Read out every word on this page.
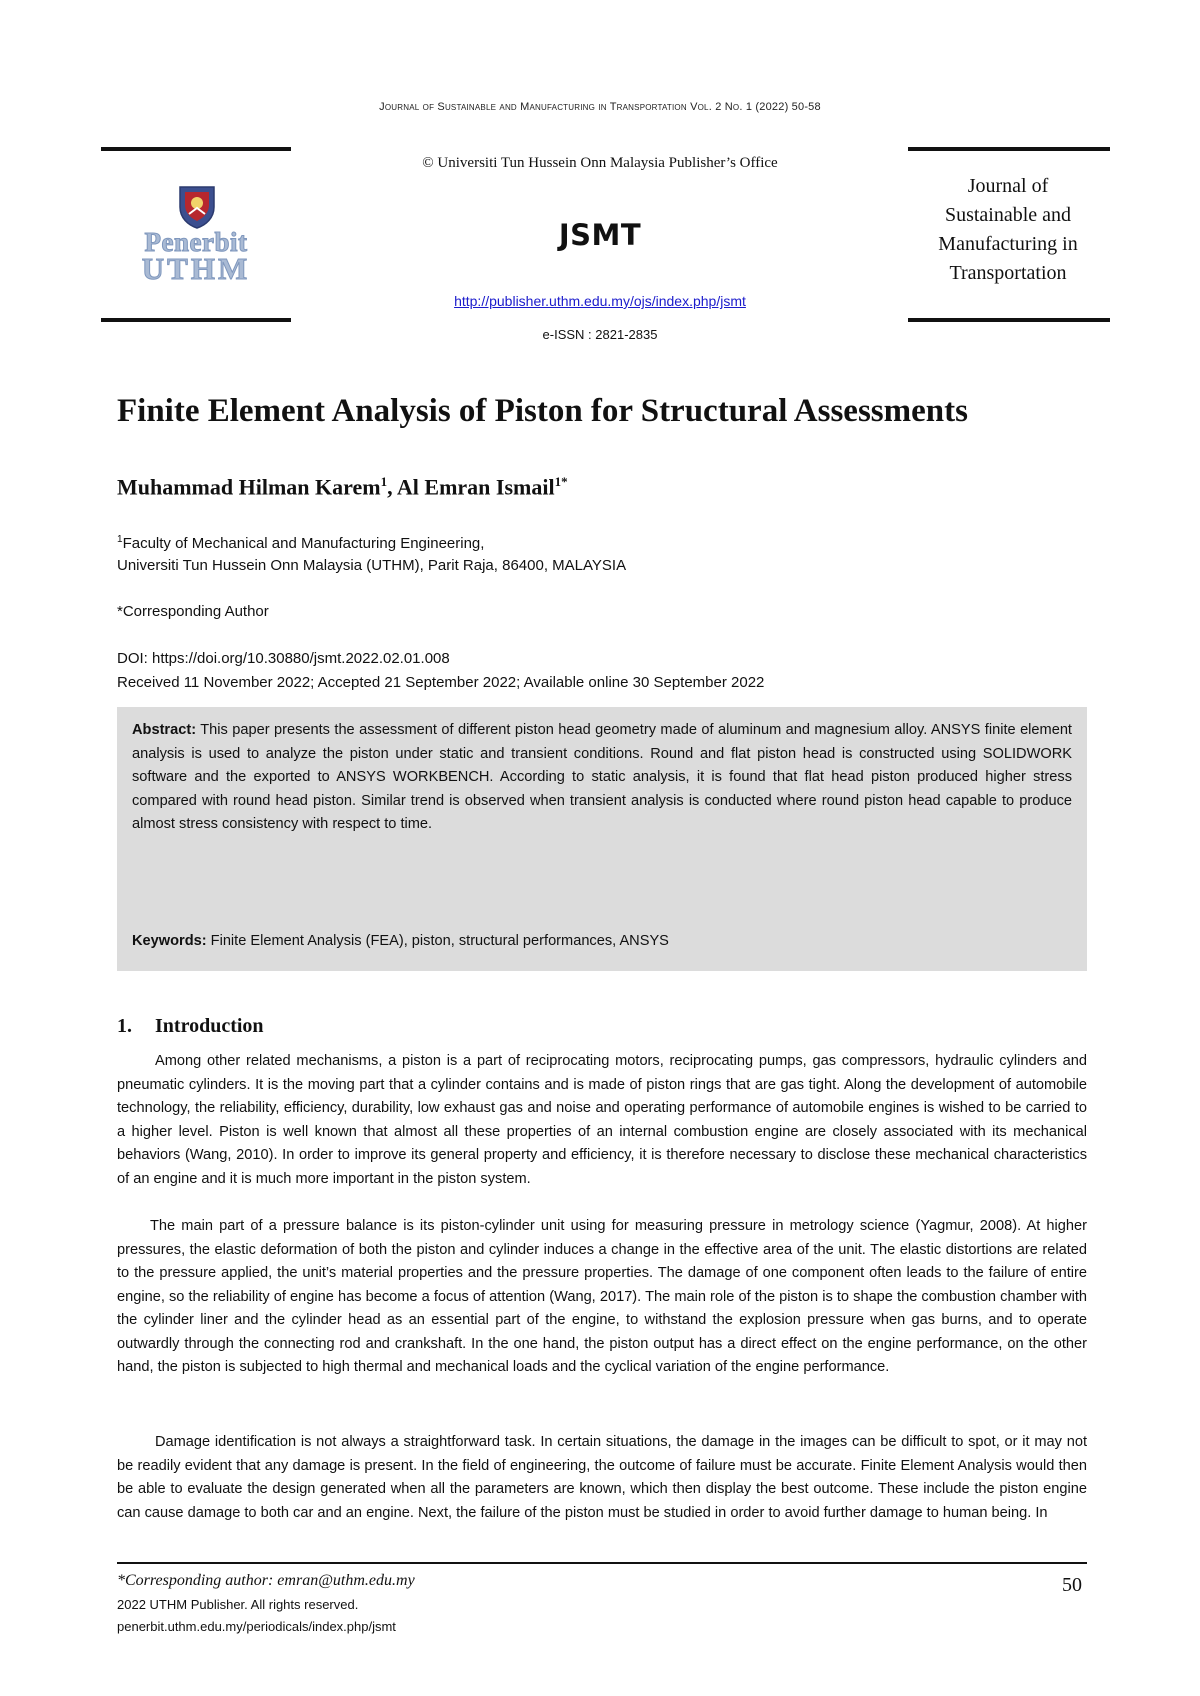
Journal of Sustainable and Manufacturing in Transportation Vol. 2 No. 1 (2022) 50-58
Penerbit
UTHM
© Universiti Tun Hussein Onn Malaysia Publisher’s Office
JSMT
http://publisher.uthm.edu.my/ojs/index.php/jsmt
e-ISSN : 2821-2835
Journal of
Sustainable and
Manufacturing in
Transportation
Finite Element Analysis of Piston for Structural Assessments
Muhammad Hilman Karem$^1$, Al Emran Ismail$^{1*}$
$^1$Faculty of Mechanical and Manufacturing Engineering,
Universiti Tun Hussein Onn Malaysia (UTHM), Parit Raja, 86400, MALAYSIA
*Corresponding Author
DOI: https://doi.org/10.30880/jsmt.2022.02.01.008
Received 11 November 2022; Accepted 21 September 2022; Available online 30 September 2022

Abstract: This paper presents the assessment of different piston head geometry made of aluminum and magnesium alloy. ANSYS finite element analysis is used to analyze the piston under static and transient conditions. Round and flat piston head is constructed using SOLIDWORK software and the exported to ANSYS WORKBENCH. According to static analysis, it is found that flat head piston produced higher stress compared with round head piston. Similar trend is observed when transient analysis is conducted where round piston head capable to produce almost stress consistency with respect to time.

Keywords: Finite Element Analysis (FEA), piston, structural performances, ANSYS
1. Introduction

Among other related mechanisms, a piston is a part of reciprocating motors, reciprocating pumps, gas compressors, hydraulic cylinders and pneumatic cylinders. It is the moving part that a cylinder contains and is made of piston rings that are gas tight. Along the development of automobile technology, the reliability, efficiency, durability, low exhaust gas and noise and operating performance of automobile engines is wished to be carried to a higher level. Piston is well known that almost all these properties of an internal combustion engine are closely associated with its mechanical behaviors (Wang, 2010). In order to improve its general property and efficiency, it is therefore necessary to disclose these mechanical characteristics of an engine and it is much more important in the piston system.

The main part of a pressure balance is its piston-cylinder unit using for measuring pressure in metrology science (Yagmur, 2008). At higher pressures, the elastic deformation of both the piston and cylinder induces a change in the effective area of the unit. The elastic distortions are related to the pressure applied, the unit’s material properties and the pressure properties. The damage of one component often leads to the failure of entire engine, so the reliability of engine has become a focus of attention (Wang, 2017). The main role of the piston is to shape the combustion chamber with the cylinder liner and the cylinder head as an essential part of the engine, to withstand the explosion pressure when gas burns, and to operate outwardly through the connecting rod and crankshaft. In the one hand, the piston output has a direct effect on the engine performance, on the other hand, the piston is subjected to high thermal and mechanical loads and the cyclical variation of the engine performance.

Damage identification is not always a straightforward task. In certain situations, the damage in the images can be difficult to spot, or it may not be readily evident that any damage is present. In the field of engineering, the outcome of failure must be accurate. Finite Element Analysis would then be able to evaluate the design generated when all the parameters are known, which then display the best outcome. These include the piston engine can cause damage to both car and an engine. Next, the failure of the piston must be studied in order to avoid further damage to human being. In

*Corresponding author: emran@uthm.edu.my
2022 UTHM Publisher. All rights reserved.
penerbit.uthm.edu.my/periodicals/index.php/jsmt
50
